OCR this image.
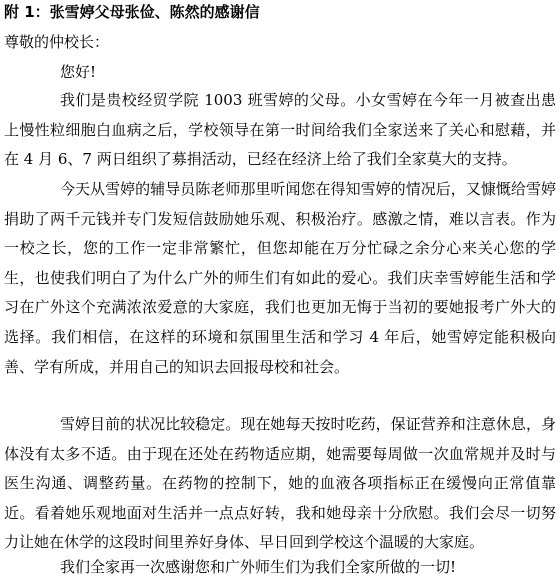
附 1：张雪婷父母张俭、陈然的感谢信
尊敬的仲校长：
您好!

我们是贵校经贸学院 1003 班雪婷的父母。小女雪婷在今年一月被查出患上慢性粒细胞白血病之后，学校领导在第一时间给我们全家送来了关心和慰藉，并在 4 月 6、7 两日组织了募捐活动，已经在经济上给了我们全家莫大的支持。

今天从雪婷的辅导员陈老师那里听闻您在得知雪婷的情况后，又慷慨给雪婷捐助了两千元钱并专门发短信鼓励她乐观、积极治疗。感激之情，难以言表。作为一校之长，您的工作一定非常繁忙，但您却能在万分忙碌之余分心来关心您的学生，也使我们明白了为什么广外的师生们有如此的爱心。我们庆幸雪婷能生活和学习在广外这个充满浓浓爱意的大家庭，我们也更加无悔于当初的要她报考广外大的选择。我们相信，在这样的环境和氛围里生活和学习 4 年后，她雪婷定能积极向善、学有所成，并用自己的知识去回报母校和社会。

雪婷目前的状况比较稳定。现在她每天按时吃药，保证营养和注意休息，身体没有太多不适。由于现在还处在药物适应期，她需要每周做一次血常规并及时与医生沟通、调整药量。在药物的控制下，她的血液各项指标正在缓慢向正常值靠近。看着她乐观地面对生活并一点点好转，我和她母亲十分欣慰。我们会尽一切努力让她在休学的这段时间里养好身体、早日回到学校这个温暖的大家庭。

我们全家再一次感谢您和广外师生们为我们全家所做的一切!
